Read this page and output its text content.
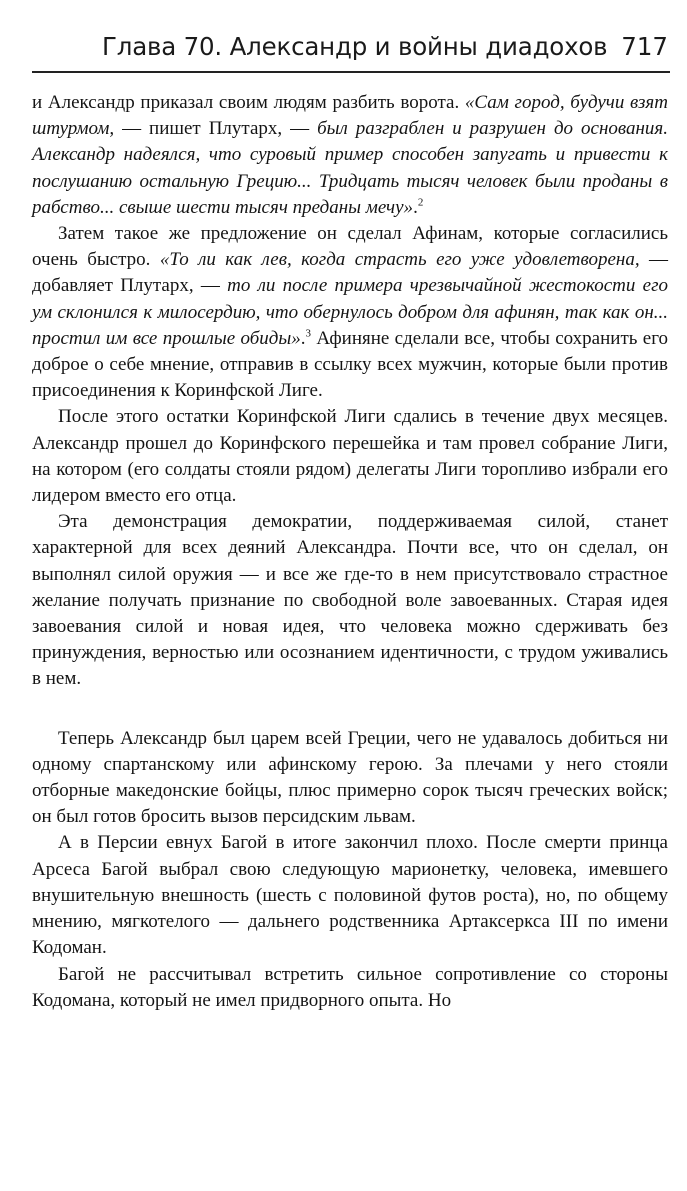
Глава 70. Александр и войны диадохов 717

и Александр приказал своим людям разбить ворота. «Сам город, будучи взят штурмом, — пишет Плутарх, — был разграблен и разрушен до основания. Александр надеялся, что суровый пример способен запугать и привести к послушанию остальную Грецию... Тридцать тысяч человек были проданы в рабство... свыше шести тысяч преданы мечу».$^2$

Затем такое же предложение он сделал Афинам, которые согласились очень быстро. «То ли как лев, когда страсть его уже удовлетворена, — добавляет Плутарх, — то ли после примера чрезвычайной жестокости его ум склонился к милосердию, что обернулось добром для афинян, так как он... простил им все прошлые обиды».$^3$ Афиняне сделали все, чтобы сохранить его доброе о себе мнение, отправив в ссылку всех мужчин, которые были против присоединения к Коринфской Лиге.

После этого остатки Коринфской Лиги сдались в течение двух месяцев. Александр прошел до Коринфского перешейка и там провел собрание Лиги, на котором (его солдаты стояли рядом) делегаты Лиги торопливо избрали его лидером вместо его отца.

Эта демонстрация демократии, поддерживаемая силой, станет характерной для всех деяний Александра. Почти все, что он сделал, он выполнял силой оружия — и все же где-то в нем присутствовало страстное желание получать признание по свободной воле завоеванных. Старая идея завоевания силой и новая идея, что человека можно сдерживать без принуждения, верностью или осознанием идентичности, с трудом уживались в нем.

Теперь Александр был царем всей Греции, чего не удавалось добиться ни одному спартанскому или афинскому герою. За плечами у него стояли отборные македонские бойцы, плюс примерно сорок тысяч греческих войск; он был готов бросить вызов персидским львам.

А в Персии евнух Багой в итоге закончил плохо. После смерти принца Арсеса Багой выбрал свою следующую марионетку, человека, имевшего внушительную внешность (шесть с половиной футов роста), но, по общему мнению, мягкотелого — дальнего родственника Артаксеркса III по имени Кодоман.

Багой не рассчитывал встретить сильное сопротивление со стороны Кодомана, который не имел придворного опыта. Но
